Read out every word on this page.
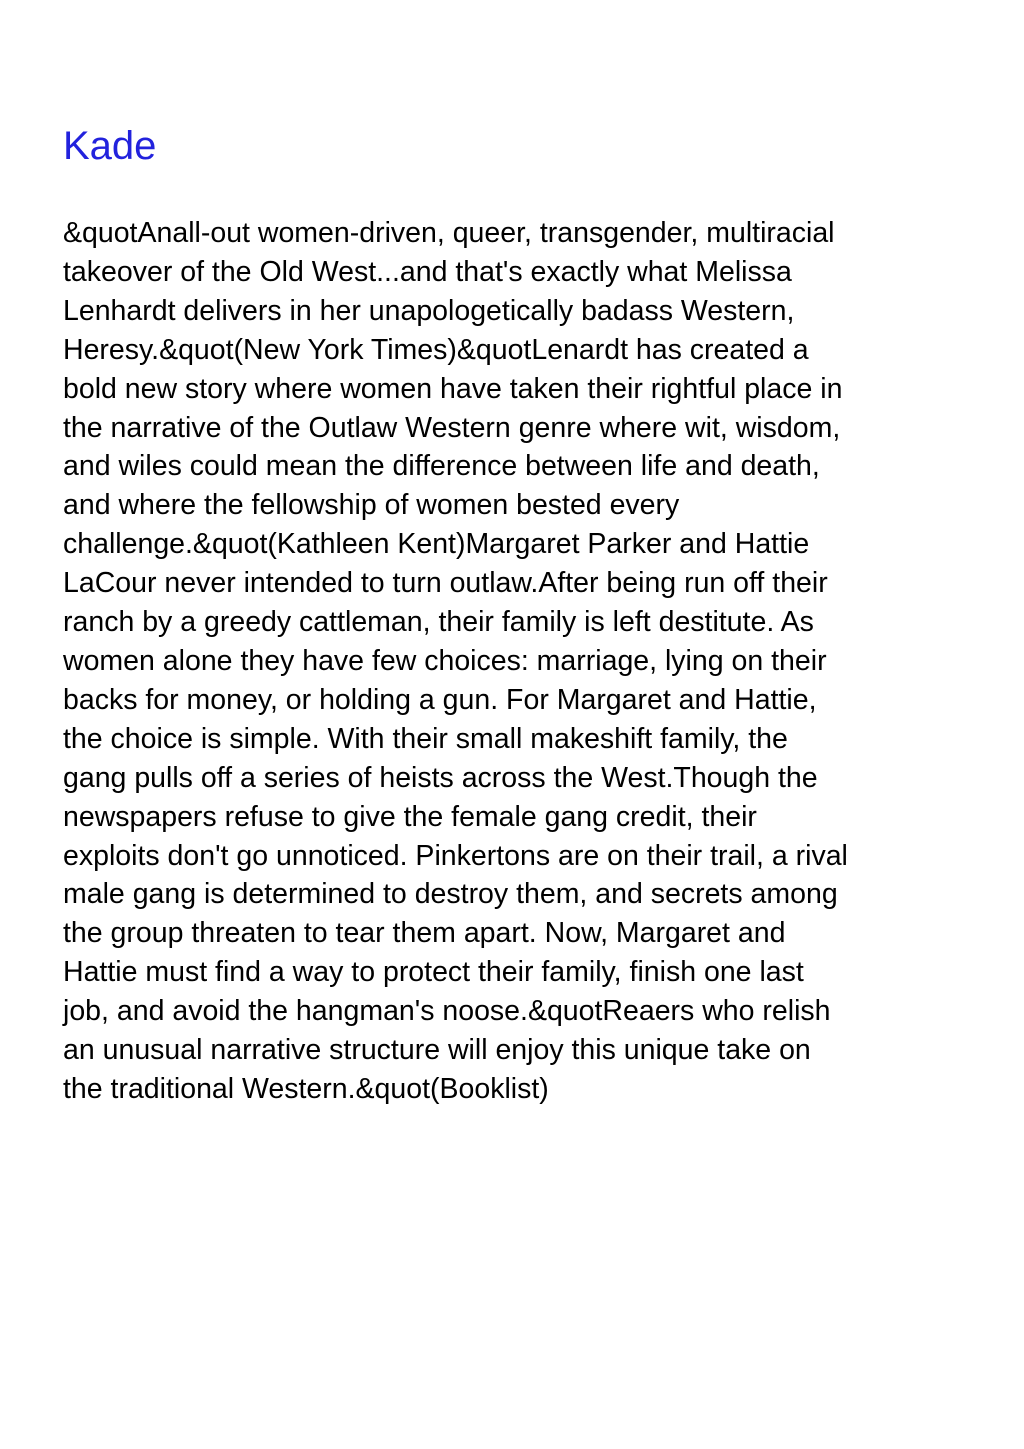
Kade
&quotAnall-out women-driven, queer, transgender, multiracial
takeover of the Old West...and that's exactly what Melissa
Lenhardt delivers in her unapologetically badass Western,
Heresy.&quot(New York Times)&quotLenardt has created a
bold new story where women have taken their rightful place in
the narrative of the Outlaw Western genre where wit, wisdom,
and wiles could mean the difference between life and death,
and where the fellowship of women bested every
challenge.&quot(Kathleen Kent)Margaret Parker and Hattie
LaCour never intended to turn outlaw.After being run off their
ranch by a greedy cattleman, their family is left destitute. As
women alone they have few choices: marriage, lying on their
backs for money, or holding a gun. For Margaret and Hattie,
the choice is simple. With their small makeshift family, the
gang pulls off a series of heists across the West.Though the
newspapers refuse to give the female gang credit, their
exploits don't go unnoticed. Pinkertons are on their trail, a rival
male gang is determined to destroy them, and secrets among
the group threaten to tear them apart. Now, Margaret and
Hattie must find a way to protect their family, finish one last
job, and avoid the hangman's noose.&quotReaers who relish
an unusual narrative structure will enjoy this unique take on
the traditional Western.&quot(Booklist)
